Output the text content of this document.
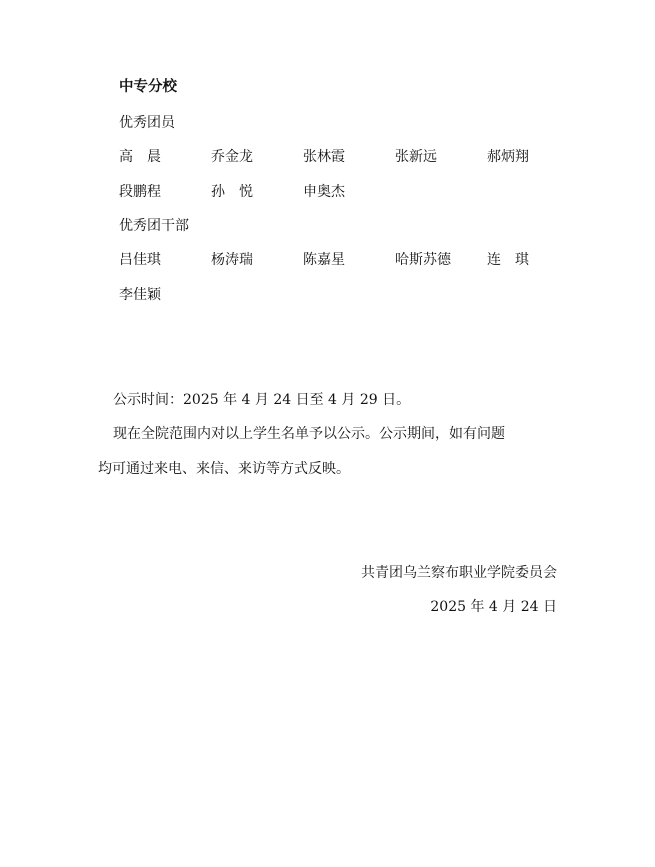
中专分校
优秀团员
高　晨	乔金龙	张林霞	张新远	郝炳翔
段鹏程	孙　悦	申奥杰
优秀团干部
吕佳琪	杨涛瑞	陈嘉星	哈斯苏德	连　琪
李佳颖
公示时间：2025 年 4 月 24 日至 4 月 29 日。
现在全院范围内对以上学生名单予以公示。公示期间，如有问题
均可通过来电、来信、来访等方式反映。
共青团乌兰察布职业学院委员会
2025 年 4 月 24 日
